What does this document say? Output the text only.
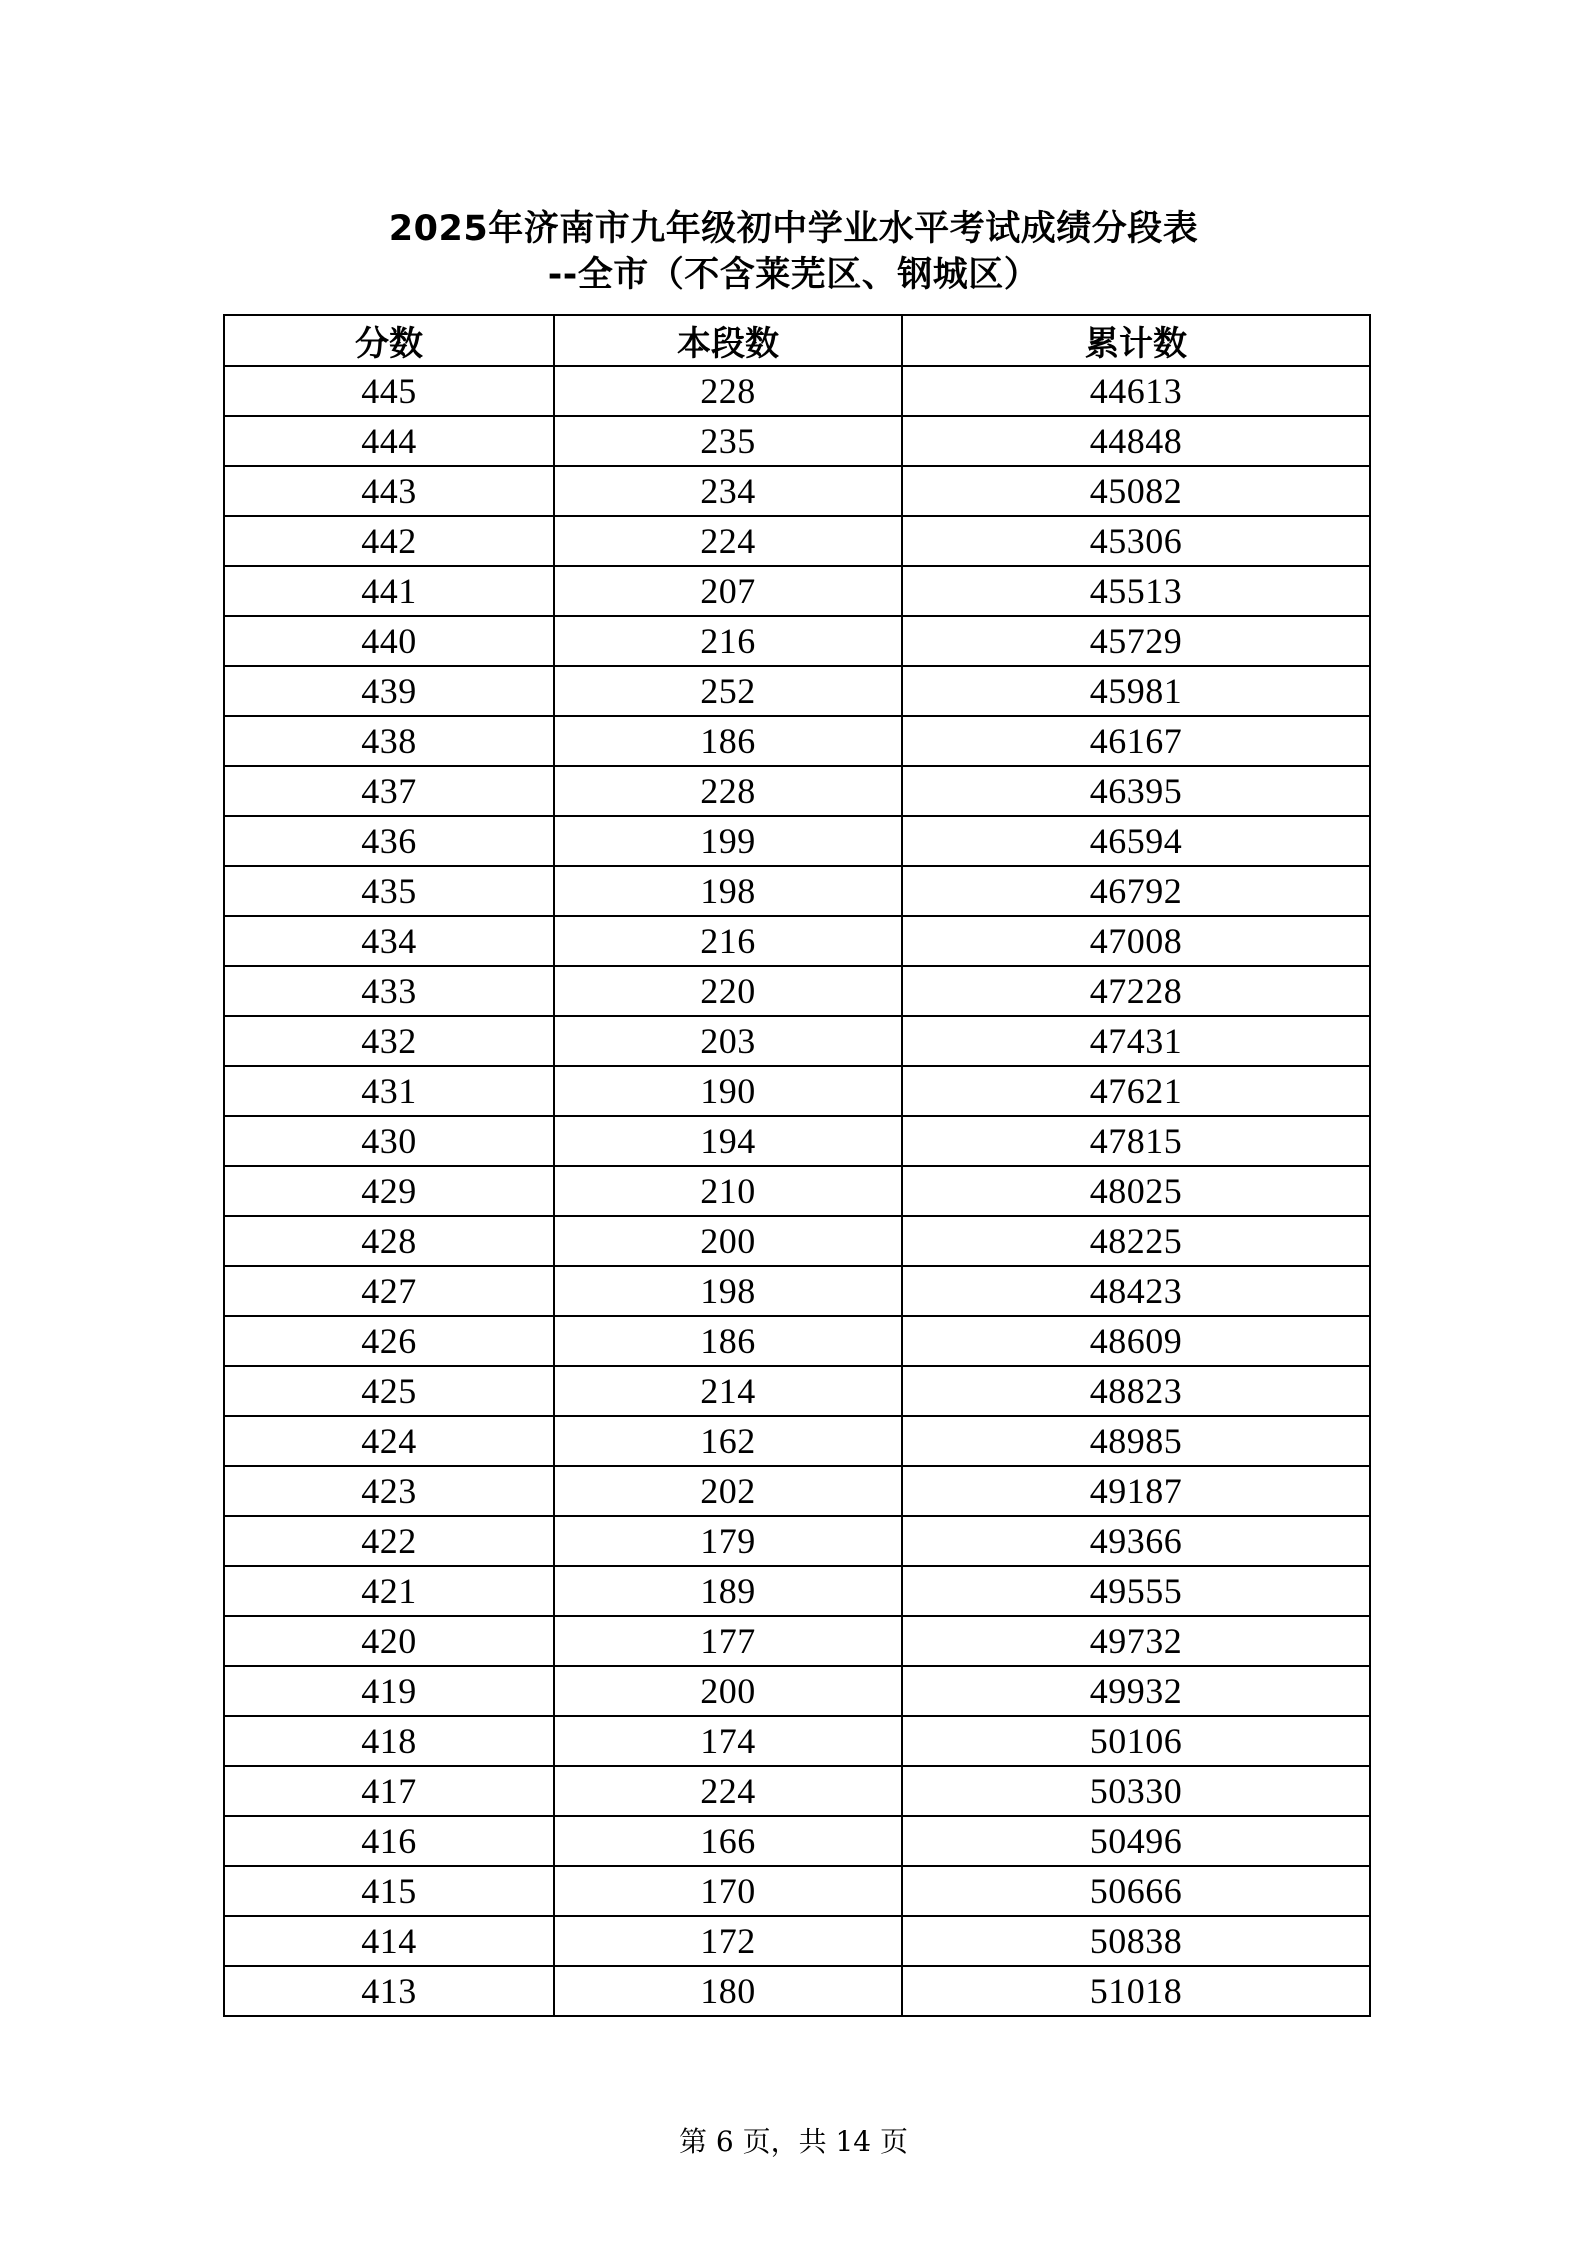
2025年济南市九年级初中学业水平考试成绩分段表
--全市（不含莱芜区、钢城区）
分数	本段数	累计数
445	228	44613
444	235	44848
443	234	45082
442	224	45306
441	207	45513
440	216	45729
439	252	45981
438	186	46167
437	228	46395
436	199	46594
435	198	46792
434	216	47008
433	220	47228
432	203	47431
431	190	47621
430	194	47815
429	210	48025
428	200	48225
427	198	48423
426	186	48609
425	214	48823
424	162	48985
423	202	49187
422	179	49366
421	189	49555
420	177	49732
419	200	49932
418	174	50106
417	224	50330
416	166	50496
415	170	50666
414	172	50838
413	180	51018
第 6 页，共 14 页
